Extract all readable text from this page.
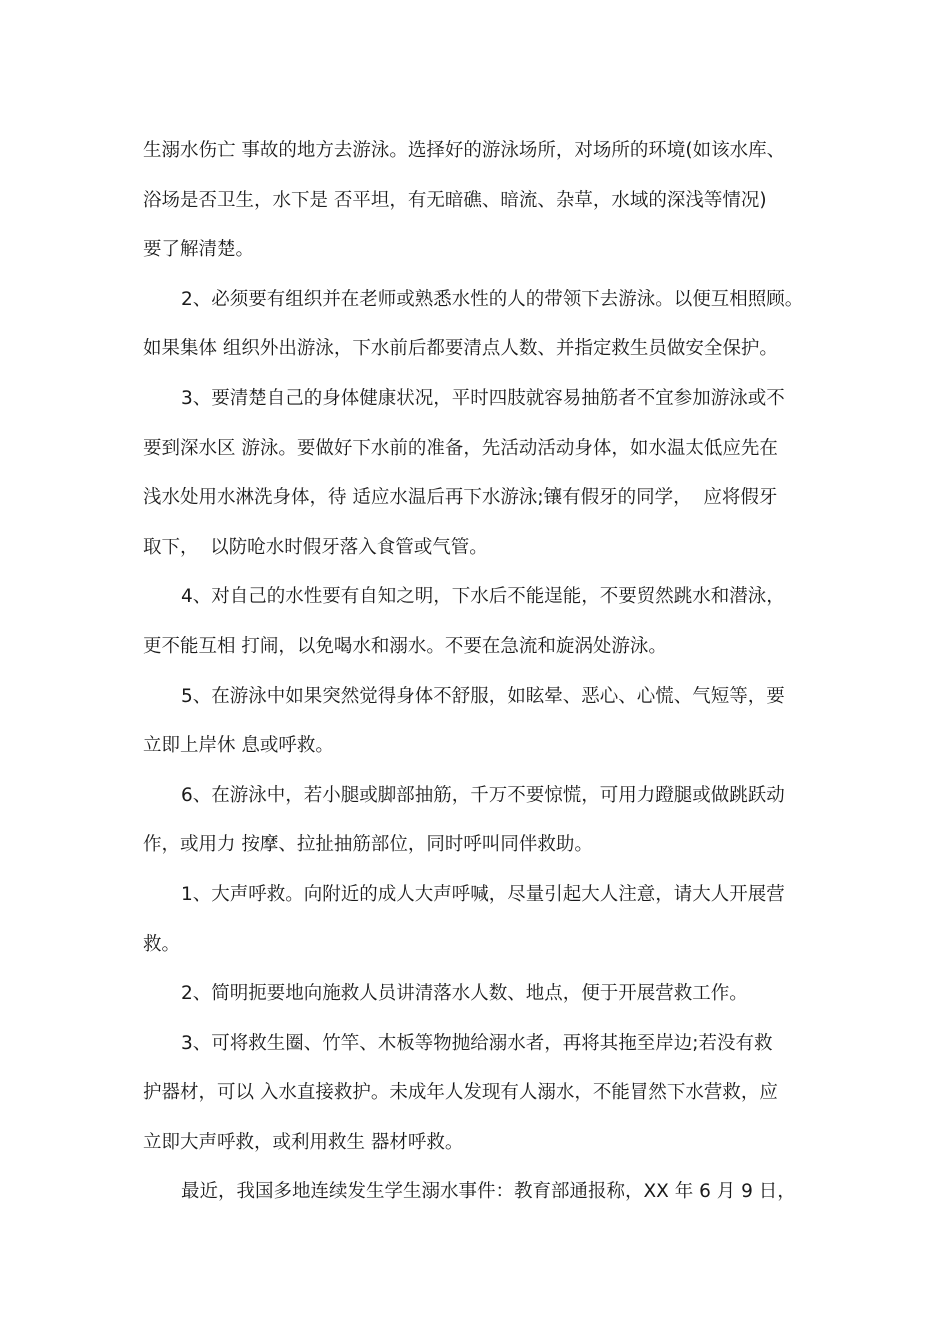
生溺水伤亡 事故的地方去游泳。选择好的游泳场所，对场所的环境(如该水库、
浴场是否卫生，水下是 否平坦，有无暗礁、暗流、杂草，水域的深浅等情况)
要了解清楚。
2、必须要有组织并在老师或熟悉水性的人的带领下去游泳。以便互相照顾。
如果集体 组织外出游泳，下水前后都要清点人数、并指定救生员做安全保护。
3、要清楚自己的身体健康状况，平时四肢就容易抽筋者不宜参加游泳或不
要到深水区 游泳。要做好下水前的准备，先活动活动身体，如水温太低应先在
浅水处用水淋洗身体，待 适应水温后再下水游泳;镶有假牙的同学，  应将假牙
取下，  以防呛水时假牙落入食管或气管。
4、对自己的水性要有自知之明，下水后不能逞能，不要贸然跳水和潜泳，
更不能互相 打闹，以免喝水和溺水。不要在急流和旋涡处游泳。
5、在游泳中如果突然觉得身体不舒服，如眩晕、恶心、心慌、气短等，要
立即上岸休 息或呼救。
6、在游泳中，若小腿或脚部抽筋，千万不要惊慌，可用力蹬腿或做跳跃动
作，或用力 按摩、拉扯抽筋部位，同时呼叫同伴救助。
1、大声呼救。向附近的成人大声呼喊，尽量引起大人注意，请大人开展营
救。
2、简明扼要地向施救人员讲清落水人数、地点，便于开展营救工作。
3、可将救生圈、竹竿、木板等物抛给溺水者，再将其拖至岸边;若没有救
护器材，可以 入水直接救护。未成年人发现有人溺水，不能冒然下水营救，应
立即大声呼救，或利用救生 器材呼救。
最近，我国多地连续发生学生溺水事件：教育部通报称，XX 年 6 月 9 日，
